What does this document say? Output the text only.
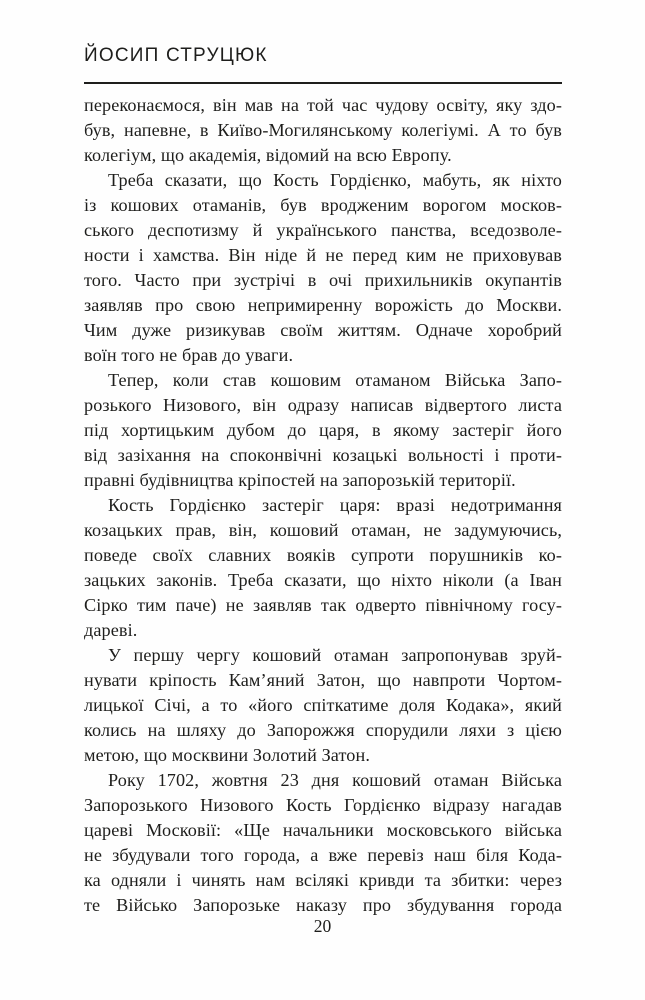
ЙОСИП СТРУЦЮК
переконаємося, він мав на той час чудову освіту, яку здо-
був, напевне, в Київо-Могилянському колегіумі. А то був
колегіум, що академія, відомий на всю Европу.
Треба сказати, що Кость Гордієнко, мабуть, як ніхто
із кошових отаманів, був вродженим ворогом москов-
ського деспотизму й українського панства, вседозволе-
ности і хамства. Він ніде й не перед ким не приховував
того. Часто при зустрічі в очі прихильників окупантів
заявляв про свою непримиренну ворожість до Москви.
Чим дуже ризикував своїм життям. Одначе хоробрий
воїн того не брав до уваги.
Тепер, коли став кошовим отаманом Війська Запо-
розького Низового, він одразу написав відвертого листа
під хортицьким дубом до царя, в якому застеріг його
від зазіхання на споконвічні козацькі вольності і проти-
правні будівництва кріпостей на запорозькій території.
Кость Гордієнко застеріг царя: вразі недотримання
козацьких прав, він, кошовий отаман, не задумуючись,
поведе своїх славних вояків супроти порушників ко-
зацьких законів. Треба сказати, що ніхто ніколи (а Іван
Сірко тим паче) не заявляв так одверто північному госу-
дареві.
У першу чергу кошовий отаман запропонував зруй-
нувати кріпость Кам’яний Затон, що навпроти Чортом-
лицької Січі, а то «його спіткатиме доля Кодака», який
колись на шляху до Запорожжя спорудили ляхи з цією
метою, що москвини Золотий Затон.
Року 1702, жовтня 23 дня кошовий отаман Війська
Запорозького Низового Кость Гордієнко відразу нагадав
цареві Московії: «Ще начальники московського війська
не збудували того города, а вже перевіз наш біля Кода-
ка одняли і чинять нам всілякі кривди та збитки: через
те Військо Запорозьке наказу про збудування города
20
